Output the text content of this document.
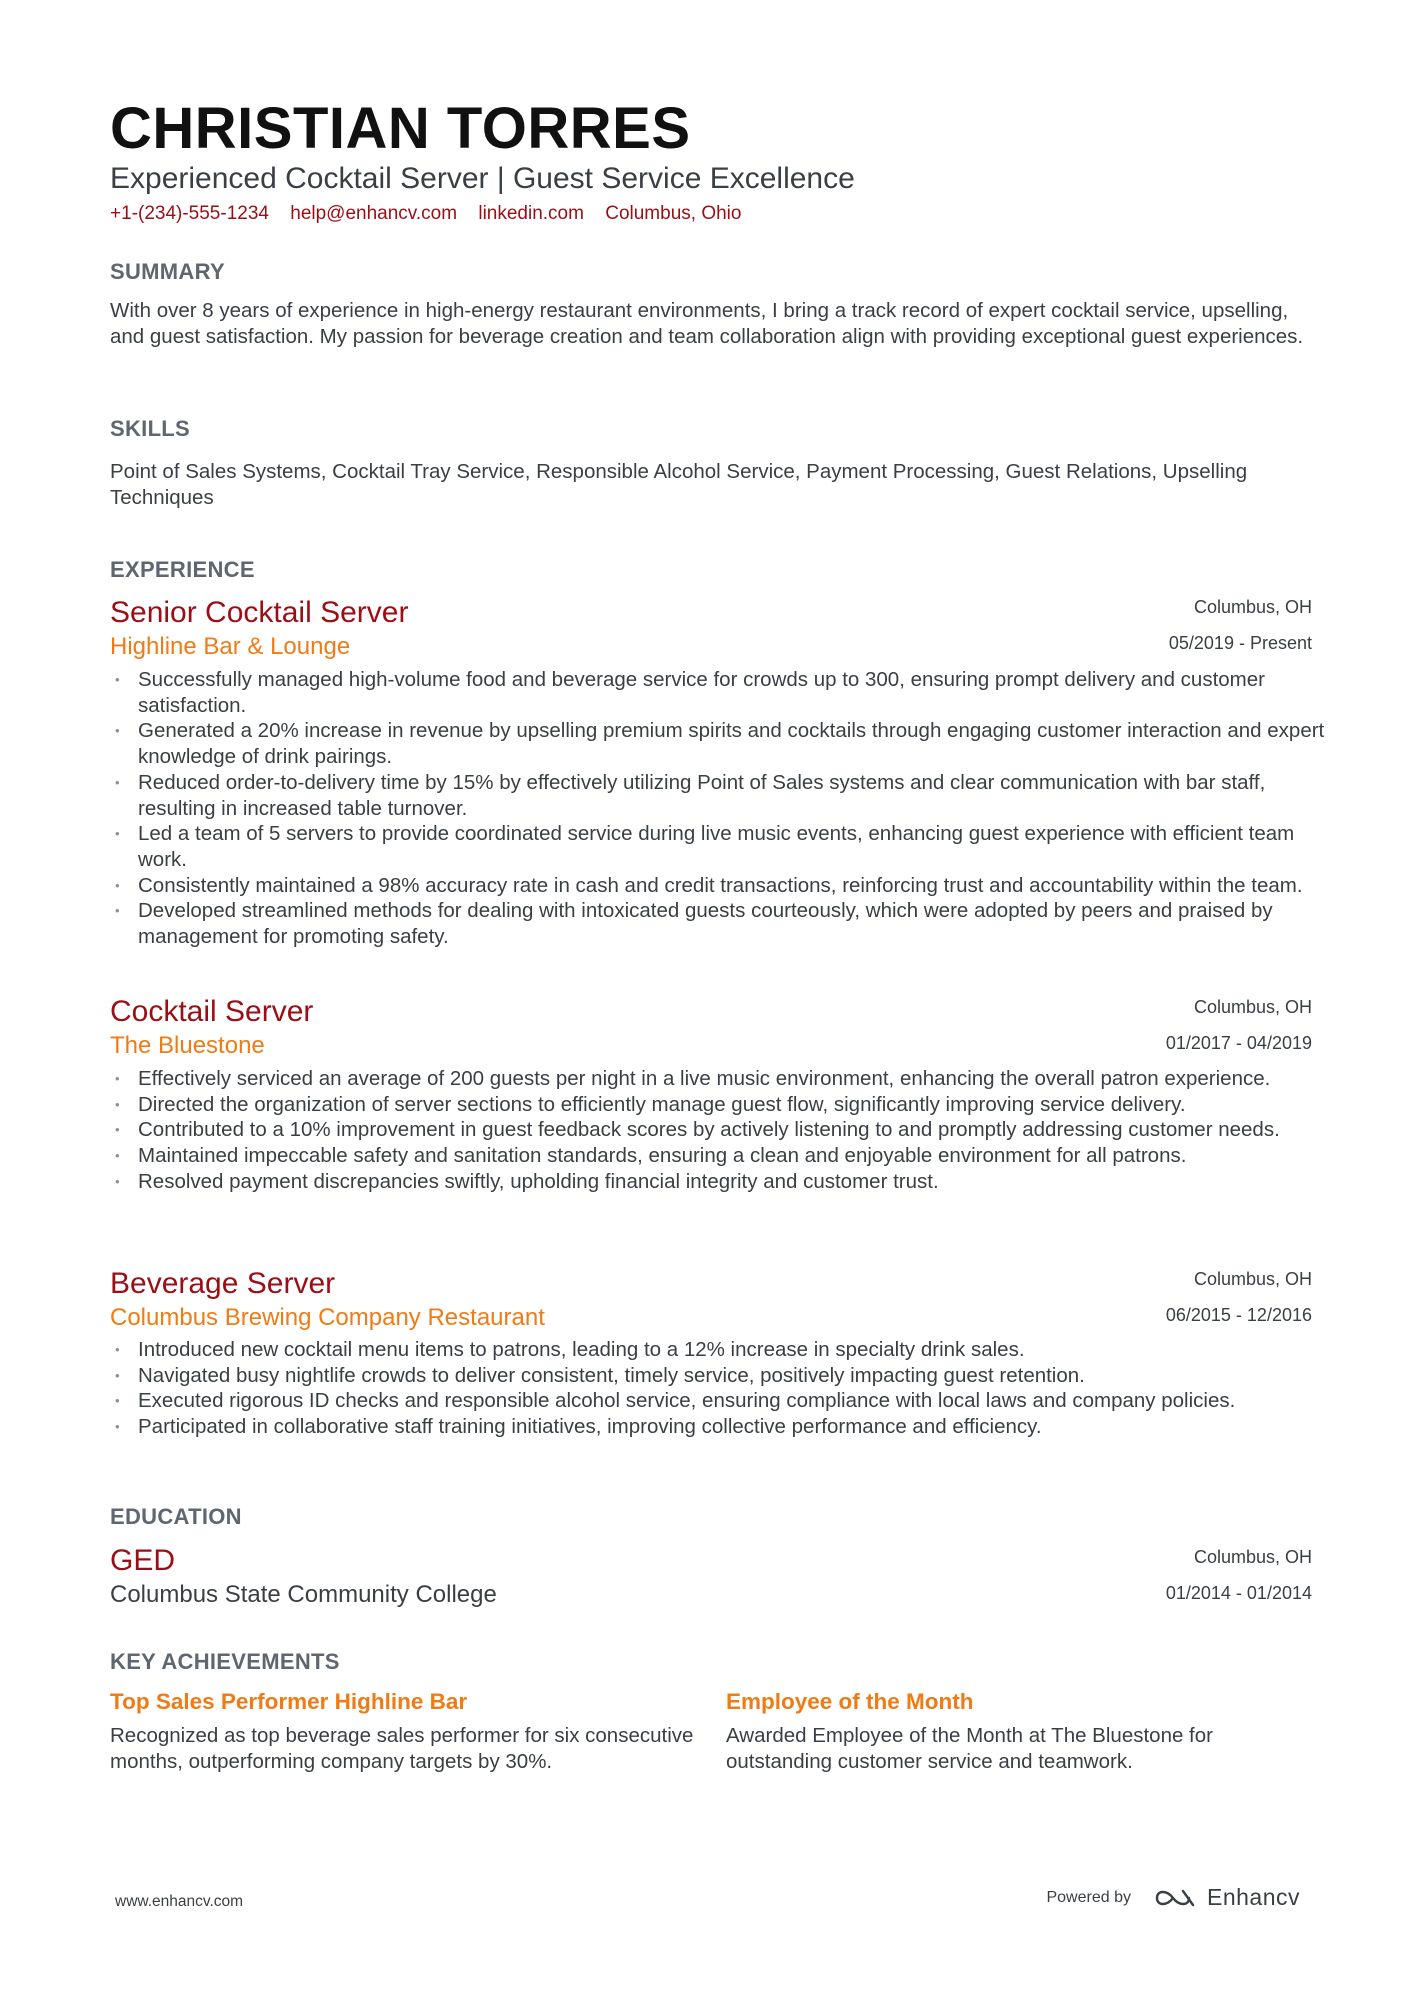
CHRISTIAN TORRES
Experienced Cocktail Server | Guest Service Excellence
+1-(234)-555-1234 help@enhancv.com linkedin.com Columbus, Ohio
SUMMARY
With over 8 years of experience in high-energy restaurant environments, I bring a track record of expert cocktail service, upselling, and guest satisfaction. My passion for beverage creation and team collaboration align with providing exceptional guest experiences.
SKILLS
Point of Sales Systems, Cocktail Tray Service, Responsible Alcohol Service, Payment Processing, Guest Relations, Upselling Techniques
EXPERIENCE
Senior Cocktail Server	Columbus, OH
Highline Bar & Lounge	05/2019 - Present
• Successfully managed high-volume food and beverage service for crowds up to 300, ensuring prompt delivery and customer satisfaction.
• Generated a 20% increase in revenue by upselling premium spirits and cocktails through engaging customer interaction and expert knowledge of drink pairings.
• Reduced order-to-delivery time by 15% by effectively utilizing Point of Sales systems and clear communication with bar staff, resulting in increased table turnover.
• Led a team of 5 servers to provide coordinated service during live music events, enhancing guest experience with efficient team work.
• Consistently maintained a 98% accuracy rate in cash and credit transactions, reinforcing trust and accountability within the team.
• Developed streamlined methods for dealing with intoxicated guests courteously, which were adopted by peers and praised by management for promoting safety.
Cocktail Server	Columbus, OH
The Bluestone	01/2017 - 04/2019
• Effectively serviced an average of 200 guests per night in a live music environment, enhancing the overall patron experience.
• Directed the organization of server sections to efficiently manage guest flow, significantly improving service delivery.
• Contributed to a 10% improvement in guest feedback scores by actively listening to and promptly addressing customer needs.
• Maintained impeccable safety and sanitation standards, ensuring a clean and enjoyable environment for all patrons.
• Resolved payment discrepancies swiftly, upholding financial integrity and customer trust.
Beverage Server	Columbus, OH
Columbus Brewing Company Restaurant	06/2015 - 12/2016
• Introduced new cocktail menu items to patrons, leading to a 12% increase in specialty drink sales.
• Navigated busy nightlife crowds to deliver consistent, timely service, positively impacting guest retention.
• Executed rigorous ID checks and responsible alcohol service, ensuring compliance with local laws and company policies.
• Participated in collaborative staff training initiatives, improving collective performance and efficiency.
EDUCATION
GED	Columbus, OH
Columbus State Community College	01/2014 - 01/2014
KEY ACHIEVEMENTS
Top Sales Performer Highline Bar
Recognized as top beverage sales performer for six consecutive months, outperforming company targets by 30%.
Employee of the Month
Awarded Employee of the Month at The Bluestone for outstanding customer service and teamwork.
www.enhancv.com	Powered by	Enhancv
